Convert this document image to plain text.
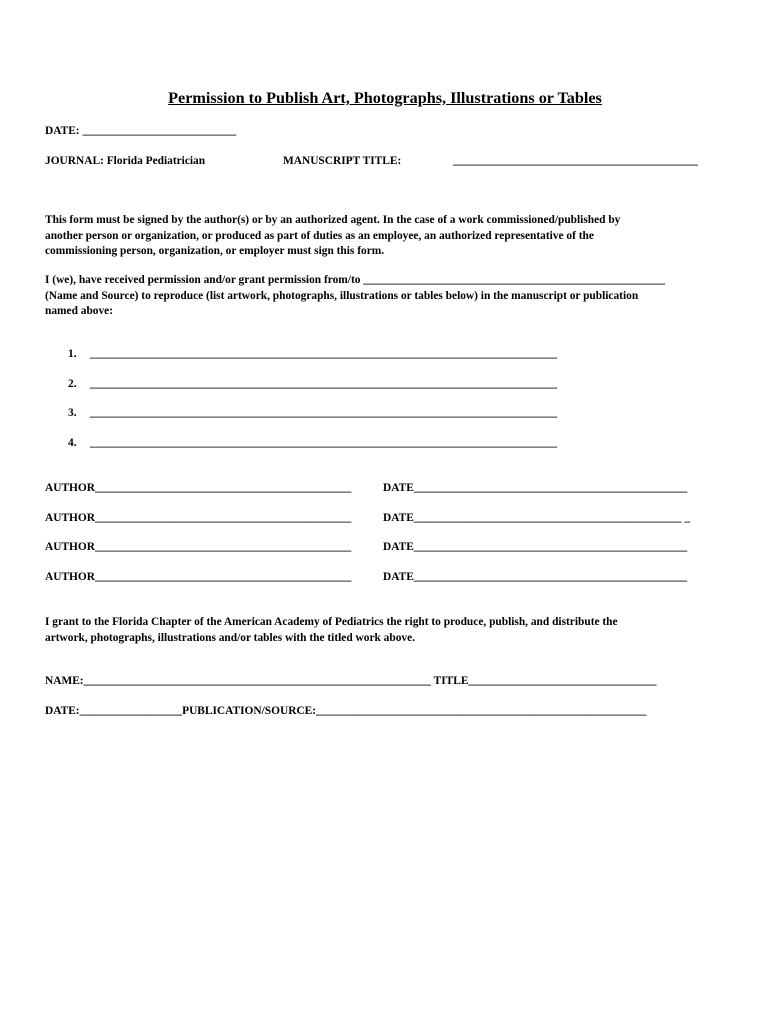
Permission to Publish Art, Photographs, Illustrations or Tables
DATE: ___________________________
JOURNAL: Florida Pediatrician	MANUSCRIPT TITLE:	___________________________________________

This form must be signed by the author(s) or by an authorized agent. In the case of a work commissioned/published by

another person or organization, or produced as part of duties as an employee, an authorized representative of the

commissioning person, organization, or employer must sign this form.

I (we), have received permission and/or grant permission from/to _____________________________________________________

(Name and Source) to reproduce (list artwork, photographs, illustrations or tables below) in the manuscript or publication

named above:

1. __________________________________________________________________________________
2. __________________________________________________________________________________
3. __________________________________________________________________________________
4. __________________________________________________________________________________
AUTHOR_____________________________________________	DATE________________________________________________
AUTHOR_____________________________________________	DATE_______________________________________________ _
AUTHOR_____________________________________________	DATE________________________________________________
AUTHOR_____________________________________________	DATE________________________________________________

I grant to the Florida Chapter of the American Academy of Pediatrics the right to produce, publish, and distribute the

artwork, photographs, illustrations and/or tables with the titled work above.

NAME:_____________________________________________________________ TITLE_________________________________
DATE:__________________PUBLICATION/SOURCE:__________________________________________________________
